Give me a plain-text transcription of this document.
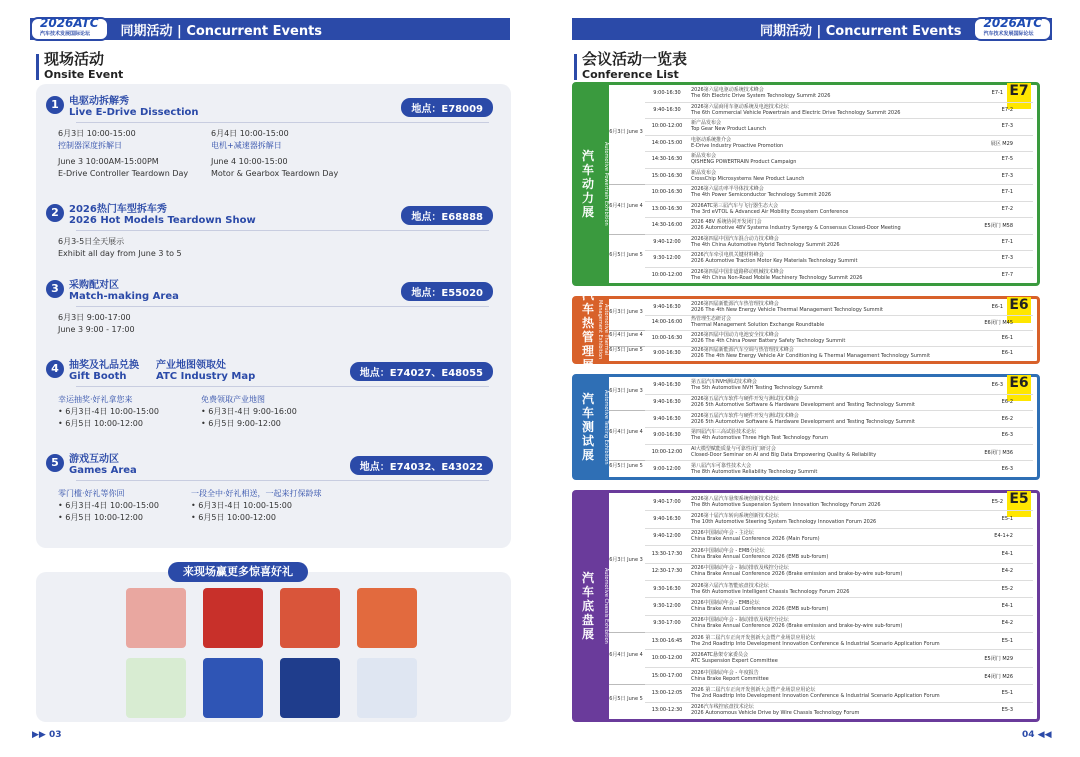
2026ATC
汽车技术发展国际论坛	同期活动 | Concurrent Events	同期活动 | Concurrent Events
2026ATC
汽车技术发展国际论坛
现场活动
Onsite Event
1	电驱动拆解秀
Live E-Drive Dissection	地点：E78009
6月3日 10:00-15:00
控制器深度拆解日
June 3 10:00AM-15:00PM
E-Drive Controller Teardown Day
6月4日 10:00-15:00
电机+减速器拆解日
June 4 10:00-15:00
Motor & Gearbox Teardown Day
2	2026热门车型拆车秀
2026 Hot Models Teardown Show	地点：E68888
6月3-5日全天展示
Exhibit all day from June 3 to 5
3	采购配对区
Match-making Area	地点：E55020
6月3日 9:00-17:00
June 3 9:00 - 17:00
4	抽奖及礼品兑换
Gift Booth
产业地图领取处
ATC Industry Map	地点：E74027、E48055
幸运抽奖·好礼拿您来
• 6月3日-4日 10:00-15:00
• 6月5日 10:00-12:00
免费领取产业地图
• 6月3日-4日 9:00-16:00
• 6月5日 9:00-12:00
5	游戏互动区
Games Area	地点：E74032、E43022
零门槛·好礼等你回
• 6月3日-4日 10:00-15:00
• 6月5日 10:00-12:00
一段全中·好礼相送，一起来打保龄球
• 6月3日-4日 10:00-15:00
• 6月5日 10:00-12:00
来现场赢更多惊喜好礼
▶▶ 03	04 ◀◀
会议活动一览表
Conference List
汽
车
动
力
展	Automotive Powertrain Exhibition
E7
6月3日 June 3
6月4日 June 4
6月5日 June 5
9:00-16:30	2026第六届电驱动系统技术峰会
The 6th Electric Drive System Technology Summit 2026	E7-1
9:40-16:30	2026第六届商用车驱动系统及电池技术论坛
The 6th Commercial Vehicle Powertrain and Electric Drive Technology Summit 2026	E7-2
10:00-12:00	新产品发布会
Top Gear New Product Launch	E7-3
14:00-15:00	电驱动系统推介会
E-Drive Industry Proactive Promotion	展区 M29
14:30-16:30	新品发布会
QISHENG POWERTRAIN Product Campaign	E7-5
15:00-16:30	新品发布会
CrossChip Microsystems New Product Launch	E7-3
10:00-16:30	2026第六届功率半导体技术峰会
The 4th Power Semiconductor Technology Summit 2026	E7-1
13:00-16:30	2026ATC第三届汽车与飞行器生态大会
The 3rd eVTOL & Advanced Air Mobility Ecosystem Conference	E7-2
14:30-16:00	2026 48V 系统协同开发闭门会
2026 Automotive 48V Systems Industry Synergy & Consensus Closed-Door Meeting	E5闭门 M58
9:40-12:00	2026第四届中国汽车混合动力技术峰会
The 4th China Automotive Hybrid Technology Summit 2026	E7-1
9:30-12:00	2026汽车牵引电机关键材料峰会
2026 Automotive Traction Motor Key Materials Technology Summit	E7-3
10:00-12:00	2026第四届中国非道路移动机械技术峰会
The 4th China Non-Road Mobile Machinery Technology Summit 2026	E7-7
汽
车
热
管
理
展
Automotive Thermal Management Exhibition	E6
6月3日 June 3
6月4日 June 4
6月5日 June 5
9:40-16:30	2026第四届新能源汽车热管理技术峰会
2026 The 4th New Energy Vehicle Thermal Management Technology Summit	E6-1
14:00-16:00	热管理生态研讨会
Thermal Management Solution Exchange Roundtable	E6闭门 M45
10:00-16:30	2026第四届中国动力电池安全技术峰会
2026 The 4th China Power Battery Safety Technology Summit	E6-1
9:00-16:30	2026第四届新能源汽车空调与热管理技术峰会
2026 The 4th New Energy Vehicle Air Conditioning & Thermal Management Technology Summit	E6-1
汽
车
测
试
展	Automotive Testing Exhibition
E6
6月3日 June 3
6月4日 June 4
6月5日 June 5
9:40-16:30	第五届汽车NVH测试技术峰会
The 5th Automotive NVH Testing Technology Summit	E6-3
9:40-16:30	2026第五届汽车软件与硬件开发与测试技术峰会
2026 5th Automotive Software & Hardware Development and Testing Technology Summit	E6-2
9:40-16:30	2026第五届汽车软件与硬件开发与测试技术峰会
2026 5th Automotive Software & Hardware Development and Testing Technology Summit	E6-2
9:00-16:30	第四届汽车三高试验技术论坛
The 4th Automotive Three High Test Technology Forum	E6-3
10:00-12:00	AI大模型赋能质量与可靠性闭门研讨会
Closed-Door Seminar on AI and Big Data Empowering Quality & Reliability	E6闭门 M36
9:00-12:00	第八届汽车可靠性技术大会
The 8th Automotive Reliability Technology Summit	E6-3
汽
车
底
盘
展	Automotive Chassis Exhibition
E5
6月3日 June 3
6月4日 June 4
6月5日 June 5
9:40-17:00	2026第八届汽车悬架系统创新技术论坛
The 8th Automotive Suspension System Innovation Technology Forum 2026	E5-2
9:40-16:30	2026第十届汽车转向系统创新技术论坛
The 10th Automotive Steering System Technology Innovation Forum 2026	E5-1
9:40-12:00	2026中国制动年会 - 主论坛
China Brake Annual Conference 2026 (Main Forum)	E4-1+2
13:30-17:30	2026中国制动年会 - EMB分论坛
China Brake Annual Conference 2026 (EMB sub-forum)	E4-1
12:30-17:30	2026中国制动年会 - 制动排放及线控分论坛
China Brake Annual Conference 2026 (Brake emission and brake-by-wire sub-forum)	E4-2
9:30-16:30	2026第六届汽车智能底盘技术论坛
The 6th Automotive Intelligent Chassis Technology Forum 2026	E5-2
9:30-12:00	2026中国制动年会 - EMB论坛
China Brake Annual Conference 2026 (EMB sub-forum)	E4-1
9:30-17:00	2026中国制动年会 - 制动排放及线控分论坛
China Brake Annual Conference 2026 (Brake emission and brake-by-wire sub-forum)	E4-2
13:00-16:45	2026 第二届汽车正向开发创新大会暨产业场景应用论坛
The 2nd Roadtrip Into Development Innovation Conference & Industrial Scenario Application Forum	E5-1
10:00-12:00	2026ATC悬架专家委员会
ATC Suspension Expert Committee	E5闭门 M29
15:00-17:00	2026中国制动年会 - 年度报告
China Brake Report Committee	E4闭门 M26
13:00-12:05	2026 第二届汽车正向开发创新大会暨产业场景应用论坛
The 2nd Roadtrip Into Development Innovation Conference & Industrial Scenario Application Forum	E5-1
13:00-12:30	2026汽车线控底盘技术论坛
2026 Autonomous Vehicle Drive by Wire Chassis Technology Forum	E5-3
